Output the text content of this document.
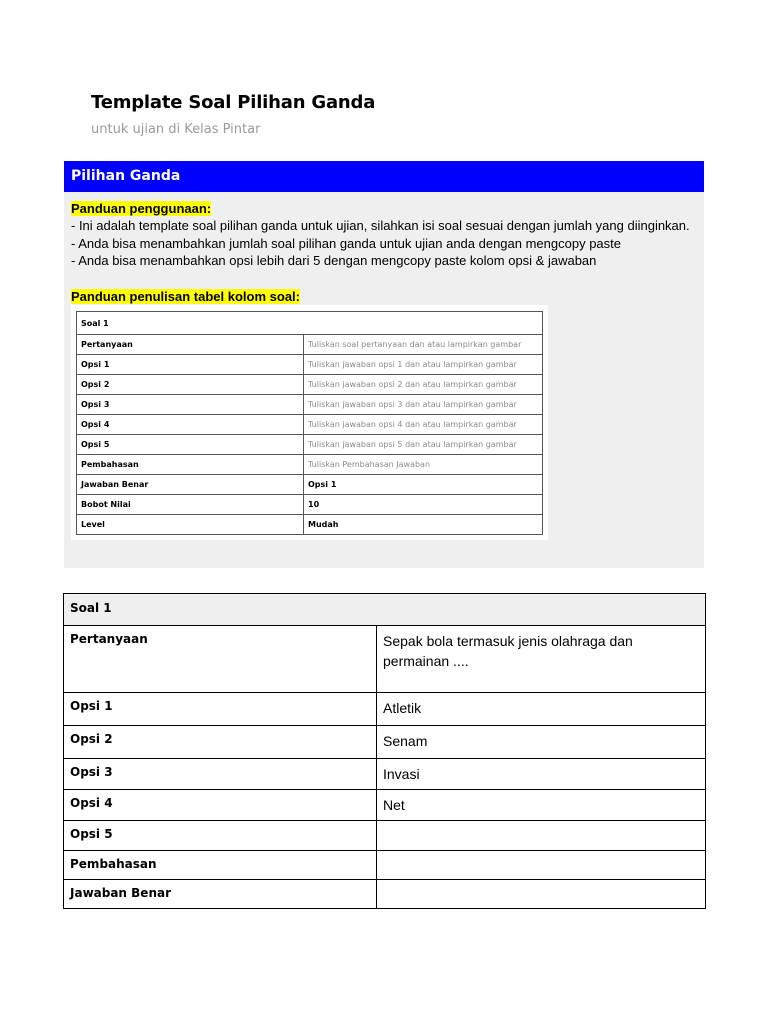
Template Soal Pilihan Ganda
untuk ujian di Kelas Pintar
Pilihan Ganda
Panduan penggunaan:
- Ini adalah template soal pilihan ganda untuk ujian, silahkan isi soal sesuai dengan jumlah yang diinginkan.
- Anda bisa menambahkan jumlah soal pilihan ganda untuk ujian anda dengan mengcopy paste
- Anda bisa menambahkan opsi lebih dari 5 dengan mengcopy paste kolom opsi & jawaban
Panduan penulisan tabel kolom soal:
Soal 1	
Pertanyaan	Tuliskan soal pertanyaan dan atau lampirkan gambar
Opsi 1	Tuliskan jawaban opsi 1 dan atau lampirkan gambar
Opsi 2	Tuliskan jawaban opsi 2 dan atau lampirkan gambar
Opsi 3	Tuliskan jawaban opsi 3 dan atau lampirkan gambar
Opsi 4	Tuliskan jawaban opsi 4 dan atau lampirkan gambar
Opsi 5	Tuliskan jawaban opsi 5 dan atau lampirkan gambar
Pembahasan	Tuliskan Pembahasan Jawaban
Jawaban Benar	Opsi 1
Bobot Nilai	10
Level	Mudah
Soal 1	
Pertanyaan	Sepak bola termasuk jenis olahraga dan permainan ....
Opsi 1	Atletik
Opsi 2	Senam
Opsi 3	Invasi
Opsi 4	Net
Opsi 5	
Pembahasan	
Jawaban Benar	
